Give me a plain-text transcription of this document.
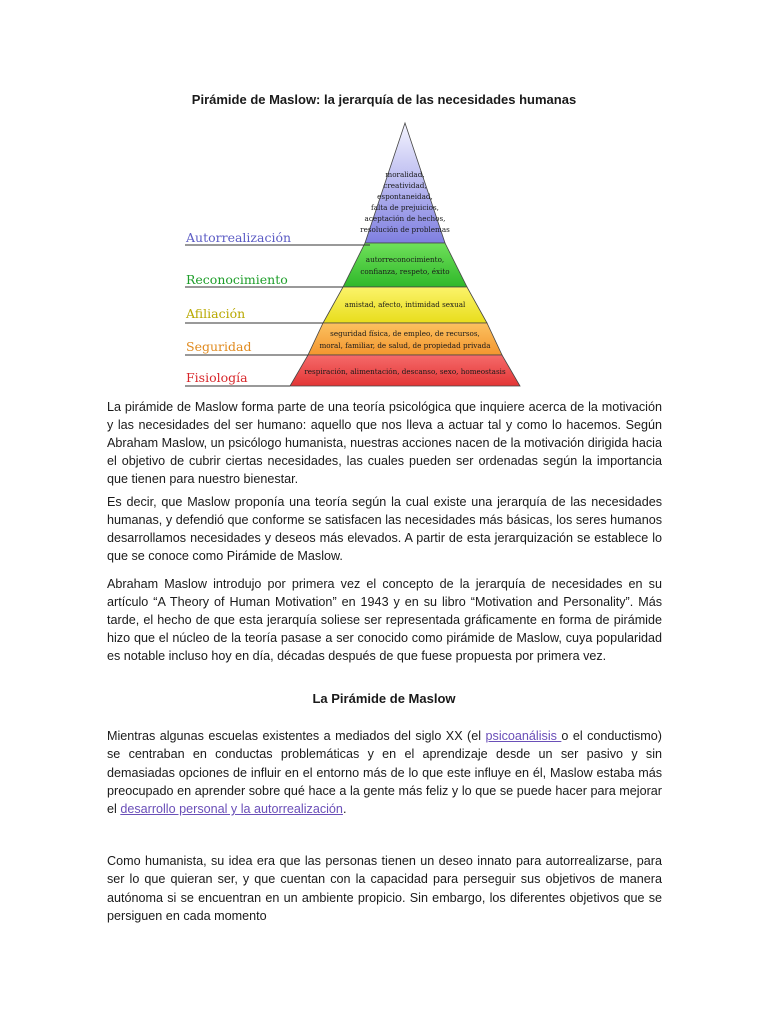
Pirámide de Maslow: la jerarquía de las necesidades humanas
Autorrealización
Reconocimiento
Afiliación
Seguridad
Fisiología
moralidad,
creatividad,
espontaneidad,
falta de prejuicios,
aceptación de hechos,
resolución de problemas
autorreconocimiento,
confianza, respeto, éxito
amistad, afecto, intimidad sexual
seguridad física, de empleo, de recursos,
moral, familiar, de salud, de propiedad privada
respiración, alimentación, descanso, sexo, homeostasis

La pirámide de Maslow forma parte de una teoría psicológica que inquiere acerca de la motivación y las necesidades del ser humano: aquello que nos lleva a actuar tal y como lo hacemos. Según Abraham Maslow, un psicólogo humanista, nuestras acciones nacen de la motivación dirigida hacia el objetivo de cubrir ciertas necesidades, las cuales pueden ser ordenadas según la importancia que tienen para nuestro bienestar.

Es decir, que Maslow proponía una teoría según la cual existe una jerarquía de las necesidades humanas, y defendió que conforme se satisfacen las necesidades más básicas, los seres humanos desarrollamos necesidades y deseos más elevados. A partir de esta jerarquización se establece lo que se conoce como Pirámide de Maslow.

Abraham Maslow introdujo por primera vez el concepto de la jerarquía de necesidades en su artículo “A Theory of Human Motivation” en 1943 y en su libro “Motivation and Personality”. Más tarde, el hecho de que esta jerarquía soliese ser representada gráficamente en forma de pirámide hizo que el núcleo de la teoría pasase a ser conocido como pirámide de Maslow, cuya popularidad es notable incluso hoy en día, décadas después de que fuese propuesta por primera vez.

La Pirámide de Maslow

Mientras algunas escuelas existentes a mediados del siglo XX (el psicoanálisis o el conductismo) se centraban en conductas problemáticas y en el aprendizaje desde un ser pasivo y sin demasiadas opciones de influir en el entorno más de lo que este influye en él, Maslow estaba más preocupado en aprender sobre qué hace a la gente más feliz y lo que se puede hacer para mejorar el desarrollo personal y la autorrealización.

Como humanista, su idea era que las personas tienen un deseo innato para autorrealizarse, para ser lo que quieran ser, y que cuentan con la capacidad para perseguir sus objetivos de manera autónoma si se encuentran en un ambiente propicio. Sin embargo, los diferentes objetivos que se persiguen en cada momento
